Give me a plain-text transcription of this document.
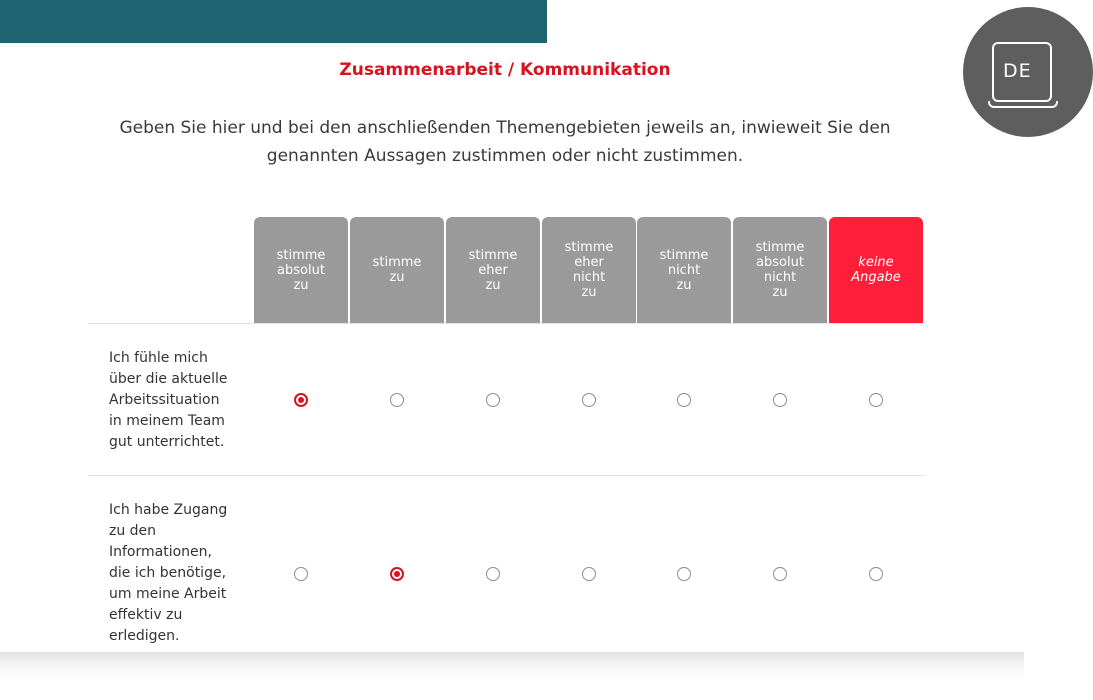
DE
Zusammenarbeit / Kommunikation
Geben Sie hier und bei den anschließenden Themengebieten jeweils an, inwieweit Sie den
genannten Aussagen zustimmen oder nicht zustimmen.
stimme
absolut
zu
stimme
zu
stimme
eher
zu
stimme
eher
nicht
zu
stimme
nicht
zu
stimme
absolut
nicht
zu
keine
Angabe
Ich fühle mich
über die aktuelle
Arbeitssituation
in meinem Team
gut unterrichtet.
Ich habe Zugang
zu den
Informationen,
die ich benötige,
um meine Arbeit
effektiv zu
erledigen.
